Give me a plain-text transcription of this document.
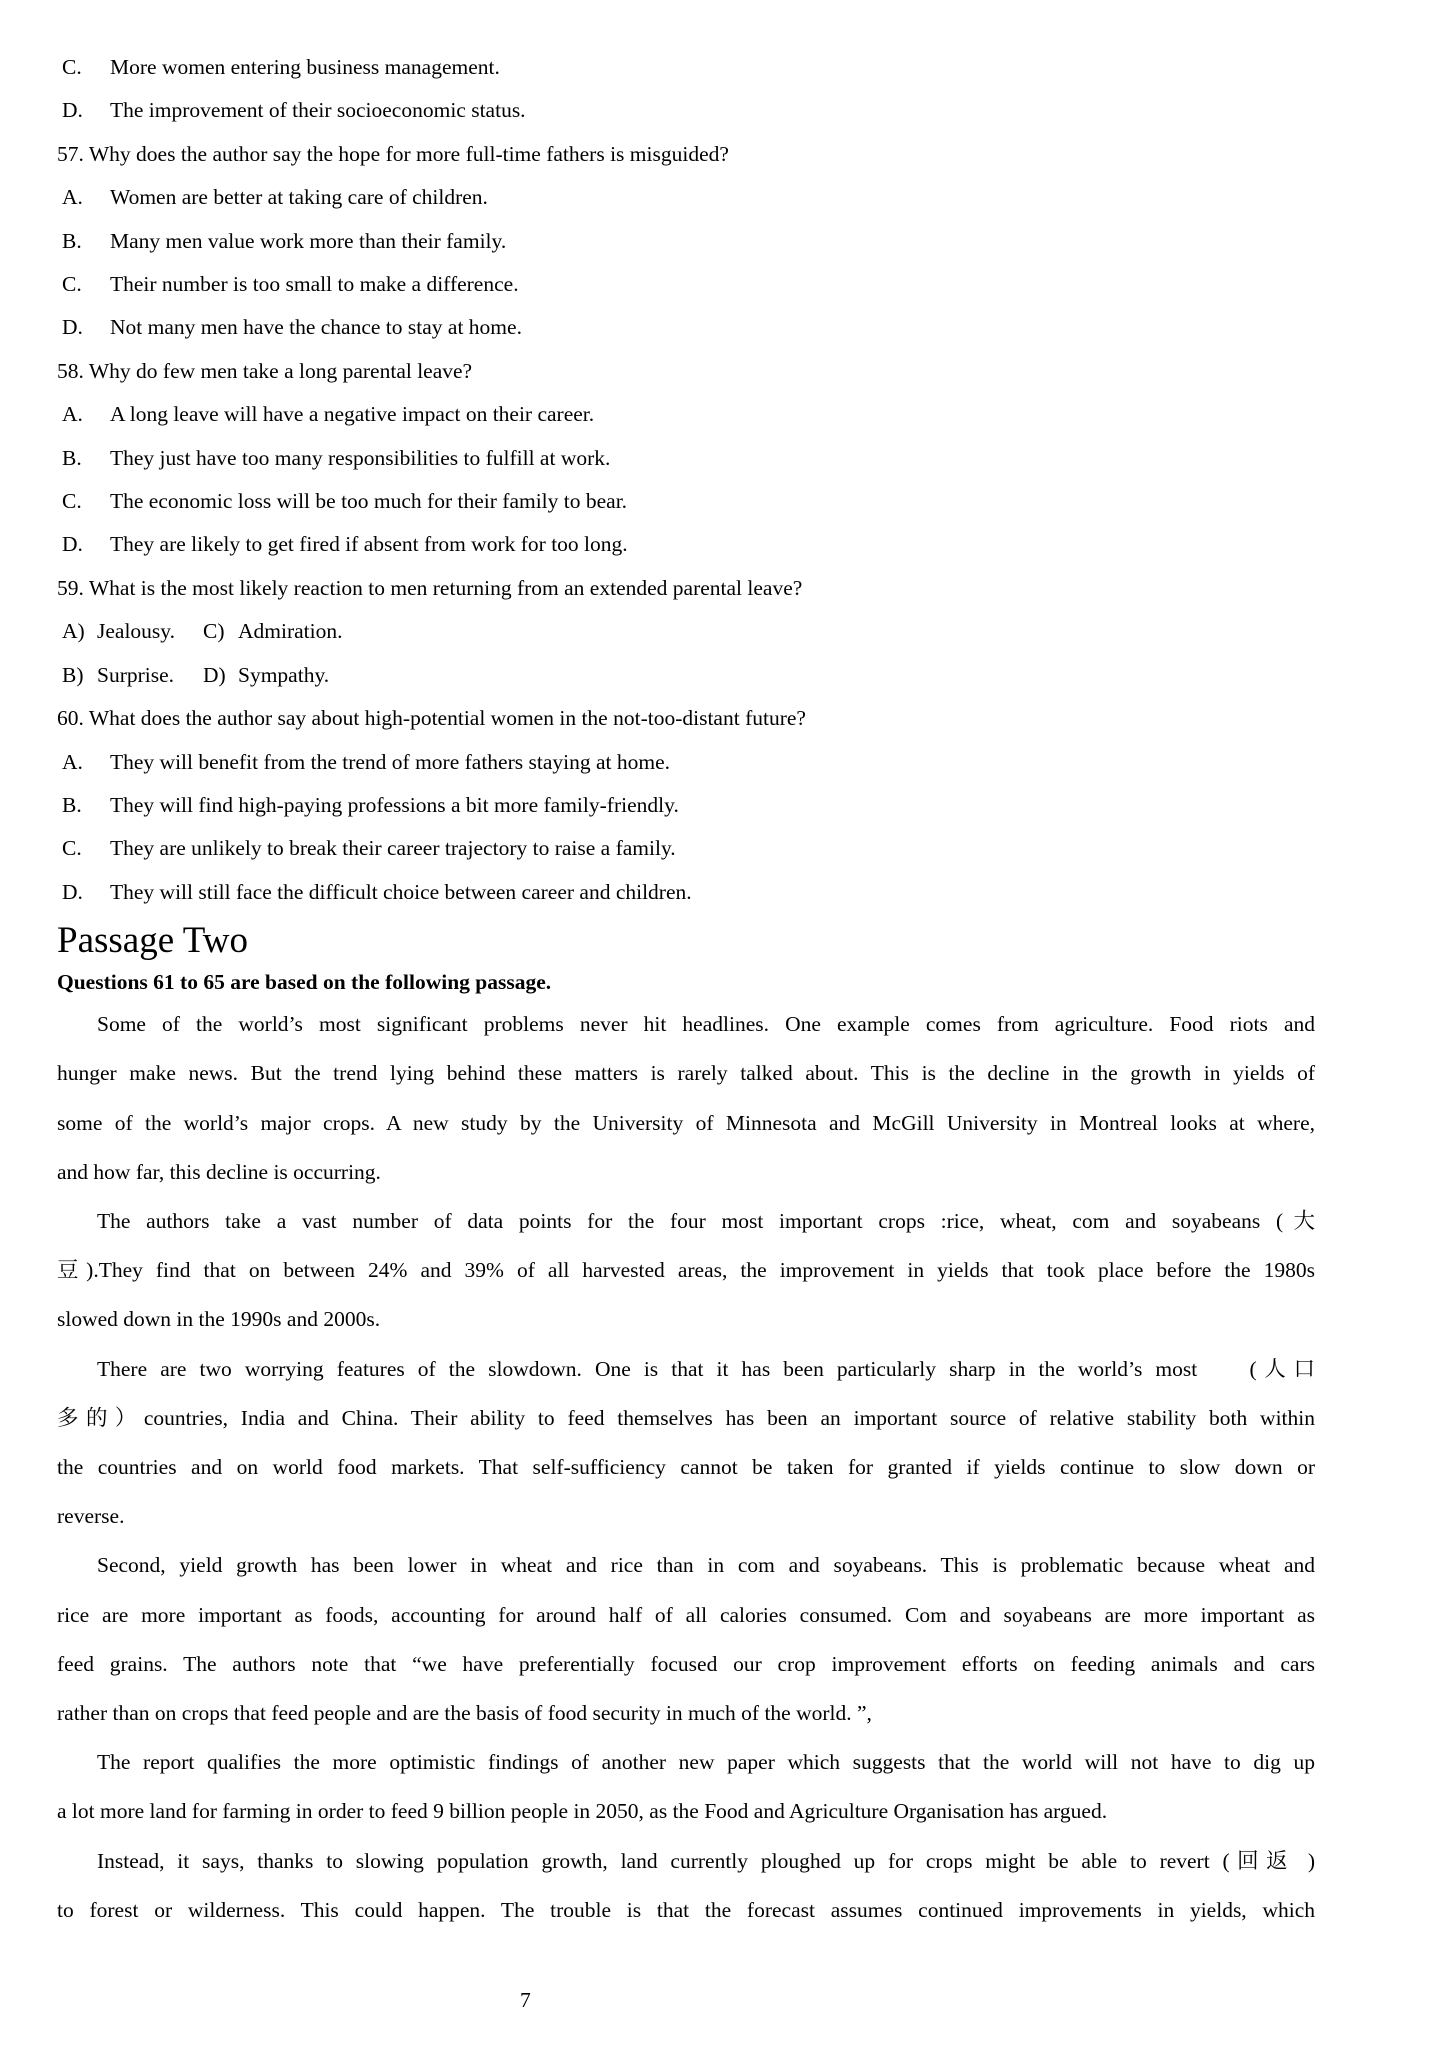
C.	More women entering business management.
D.	The improvement of their socioeconomic status.
57. Why does the author say the hope for more full-time fathers is misguided?
A.	Women are better at taking care of children.
B.	Many men value work more than their family.
C.	Their number is too small to make a difference.
D.	Not many men have the chance to stay at home.
58. Why do few men take a long parental leave?
A.	A long leave will have a negative impact on their career.
B.	They just have too many responsibilities to fulfill at work.
C.	The economic loss will be too much for their family to bear.
D.	They are likely to get fired if absent from work for too long.
59. What is the most likely reaction to men returning from an extended parental leave?
A) Jealousy.	C) Admiration.
B) Surprise.	D) Sympathy.
60. What does the author say about high-potential women in the not-too-distant future?
A.	They will benefit from the trend of more fathers staying at home.
B.	They will find high-paying professions a bit more family-friendly.
C.	They are unlikely to break their career trajectory to raise a family.
D.	They will still face the difficult choice between career and children.
Passage Two
Questions 61 to 65 are based on the following passage.
Some of the world’s most significant problems never hit headlines. One example comes from agriculture. Food riots and
hunger make news. But the trend lying behind these matters is rarely talked about. This is the decline in the growth in yields of
some of the world’s major crops. A new study by the University of Minnesota and McGill University in Montreal looks at where,
and how far, this decline is occurring.
The authors take a vast number of data points for the four most important crops :rice, wheat, com and soyabeans (大
豆).They find that on between 24% and 39% of all harvested areas, the improvement in yields that took place before the 1980s
slowed down in the 1990s and 2000s.
There are two worrying features of the slowdown. One is that it has been particularly sharp in the world’s most    (人口
多的）countries, India and China. Their ability to feed themselves has been an important source of relative stability both within
the countries and on world food markets. That self-sufficiency cannot be taken for granted if yields continue to slow down or
reverse.
Second, yield growth has been lower in wheat and rice than in com and soyabeans. This is problematic because wheat and
rice are more important as foods, accounting for around half of all calories consumed. Com and soyabeans are more important as
feed grains. The authors note that “we have preferentially focused our crop improvement efforts on feeding animals and cars
rather than on crops that feed people and are the basis of food security in much of the world. ”,
The report qualifies the more optimistic findings of another new paper which suggests that the world will not have to dig up
a lot more land for farming in order to feed 9 billion people in 2050, as the Food and Agriculture Organisation has argued.
Instead, it says, thanks to slowing population growth, land currently ploughed up for crops might be able to revert (回返 )
to forest or wilderness. This could happen. The trouble is that the forecast assumes continued improvements in yields, which
7
